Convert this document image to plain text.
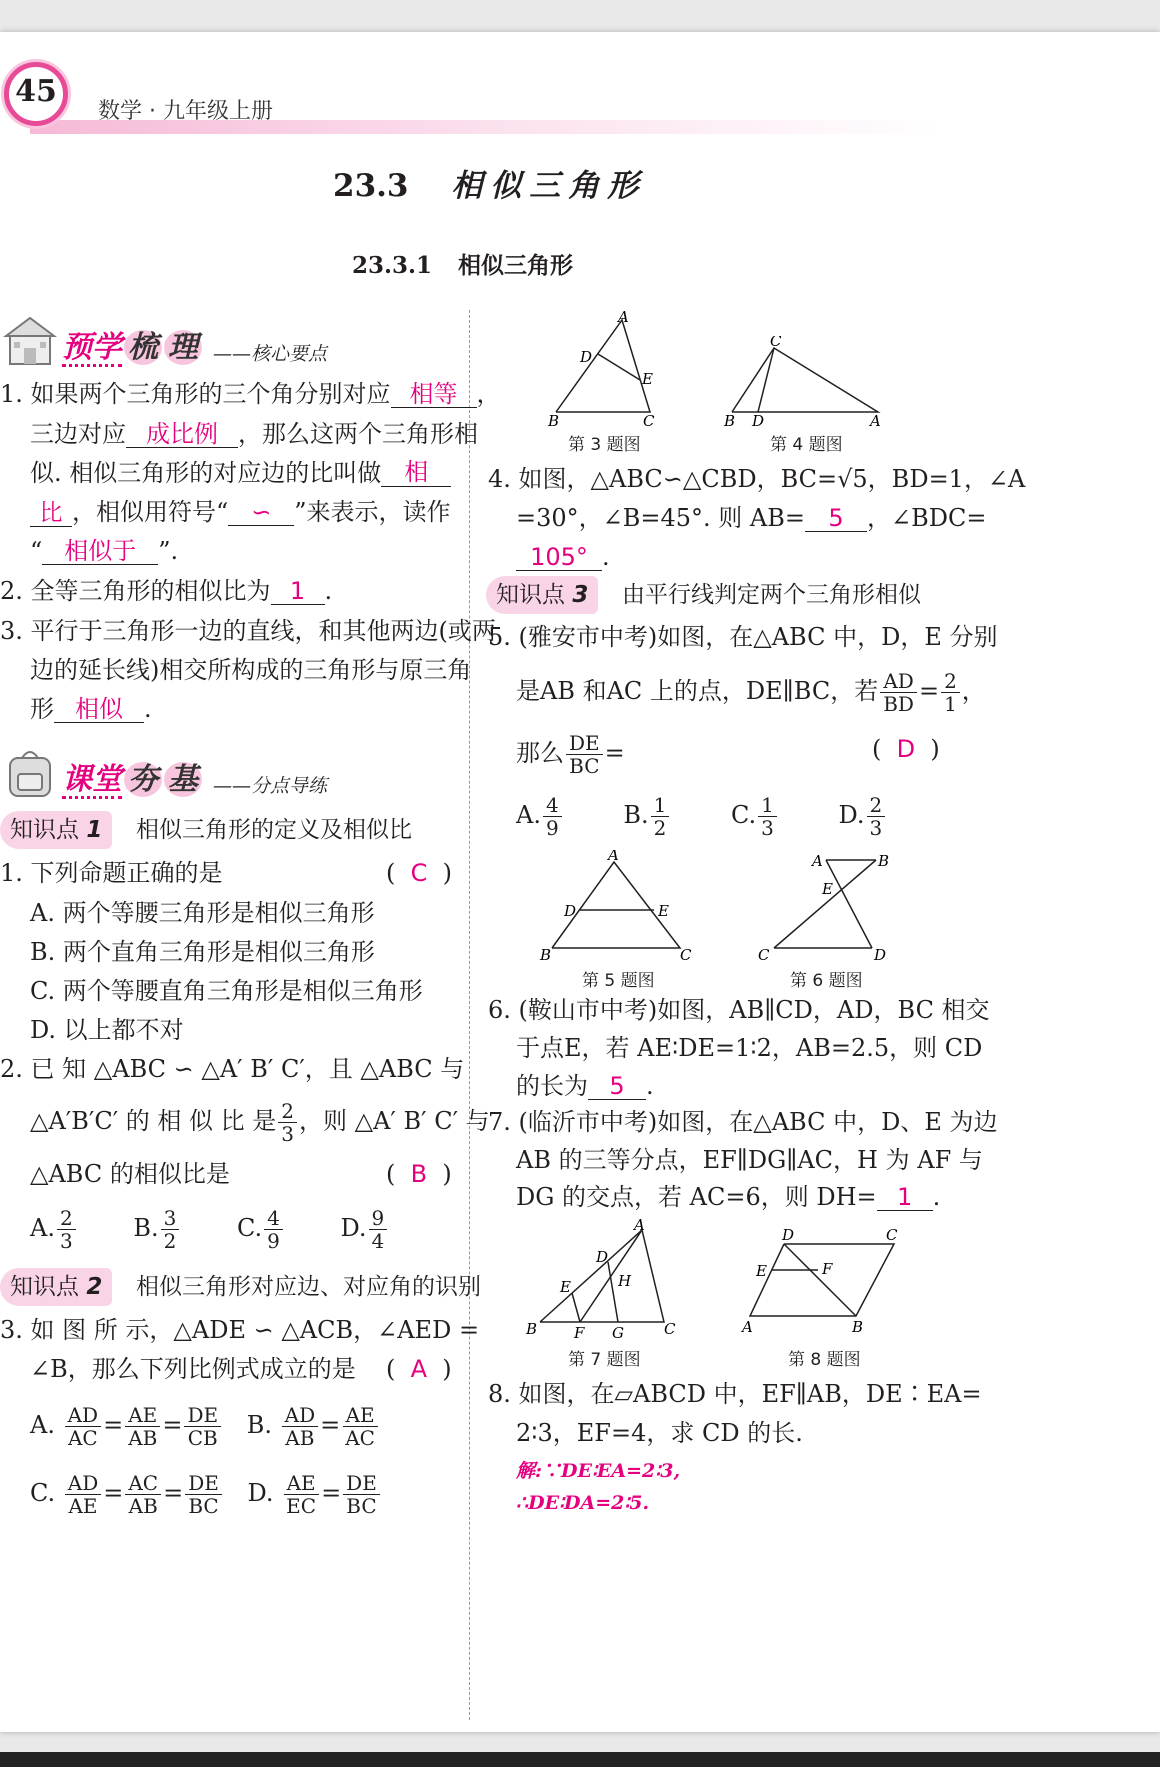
45
数学 · 九年级上册
23.3 相似三角形
23.3.1 相似三角形
预学 梳 理 ——核心要点
1. 如果两个三角形的三个角分别对应 相等 ，
三边对应 成比例 ，那么这两个三角形相
似. 相似三角形的对应边的比叫做 相
比 ，相似用符号“ ∽ ”来表示，读作
“ 相似于 ”.
2. 全等三角形的相似比为 1 .
3. 平行于三角形一边的直线，和其他两边(或两
边的延长线)相交所构成的三角形与原三角
形 相似 .
课堂 夯 基 ——分点导练
知识点 1	相似三角形的定义及相似比
1. 下列命题正确的是	(  C  )
A. 两个等腰三角形是相似三角形
B. 两个直角三角形是相似三角形
C. 两个等腰直角三角形是相似三角形
D. 以上都不对
2. 已 知 △ABC ∽ △A′ B′ C′，且 △ABC 与
△A′B′C′ 的 相 似 比 是 $\frac{2}{3}$ ，则 △A′ B′ C′ 与
△ABC 的相似比是	(  B  )
A. $\frac{2}{3} B$. $\frac{3}{2} C$. $\frac{4}{9} D$. $\frac{9}{4}$
知识点 2	相似三角形对应边、对应角的识别
3. 如 图 所 示，△ADE ∽ △ACB，∠AED =
∠B，那么下列比例式成立的是 (  A  )
A. $\frac{AD}{AC} = \frac{AE}{AB} = \frac{DE}{CB} B$. $\frac{AD}{AB} = \frac{AE}{AC}$
C. $\frac{AD}{AE} = \frac{AC}{AB} = \frac{DE}{BC} D$. $\frac{AE}{EC} = \frac{DE}{BC}$
A
D
E
B	C
第 3 题图
C
B D	A
第 4 题图
4. 如图，△ABC∽△CBD，BC=√5，BD=1，∠A
=30°，∠B=45°. 则 AB= 5 ，∠BDC=
105° .
知识点 3	由平行线判定两个三角形相似
5. (雅安市中考)如图，在△ABC 中，D，E 分别
是AB 和AC 上的点，DE∥BC，若 $\frac{AD}{BD} = \frac{2}{1}$ ，
那么 $\frac{DE}{BC}$ =	(  D  )
A. $\frac{4}{9}$	B. $\frac{1}{2}$	C. $\frac{1}{3}$	D. $\frac{2}{3}$
A
D	E
B	C
第 5 题图
A	B
E
C	D
第 6 题图
6. (鞍山市中考)如图，AB∥CD，AD，BC 相交
于点E，若 AE∶DE=1∶2，AB=2.5，则 CD
的长为 5 .
7. (临沂市中考)如图，在△ABC 中，D、E 为边
AB 的三等分点，EF∥DG∥AC，H 为 AF 与
DG 的交点，若 AC=6，则 DH= 1 .
A
D
E	H
B F G	C
第 7 题图
D	C
E	F
A	B
第 8 题图
8. 如图，在▱ABCD 中，EF∥AB，DE∶EA=
2∶3，EF=4，求 CD 的长.
解:∵DE∶EA=2∶3,
∴DE∶DA=2∶5.
